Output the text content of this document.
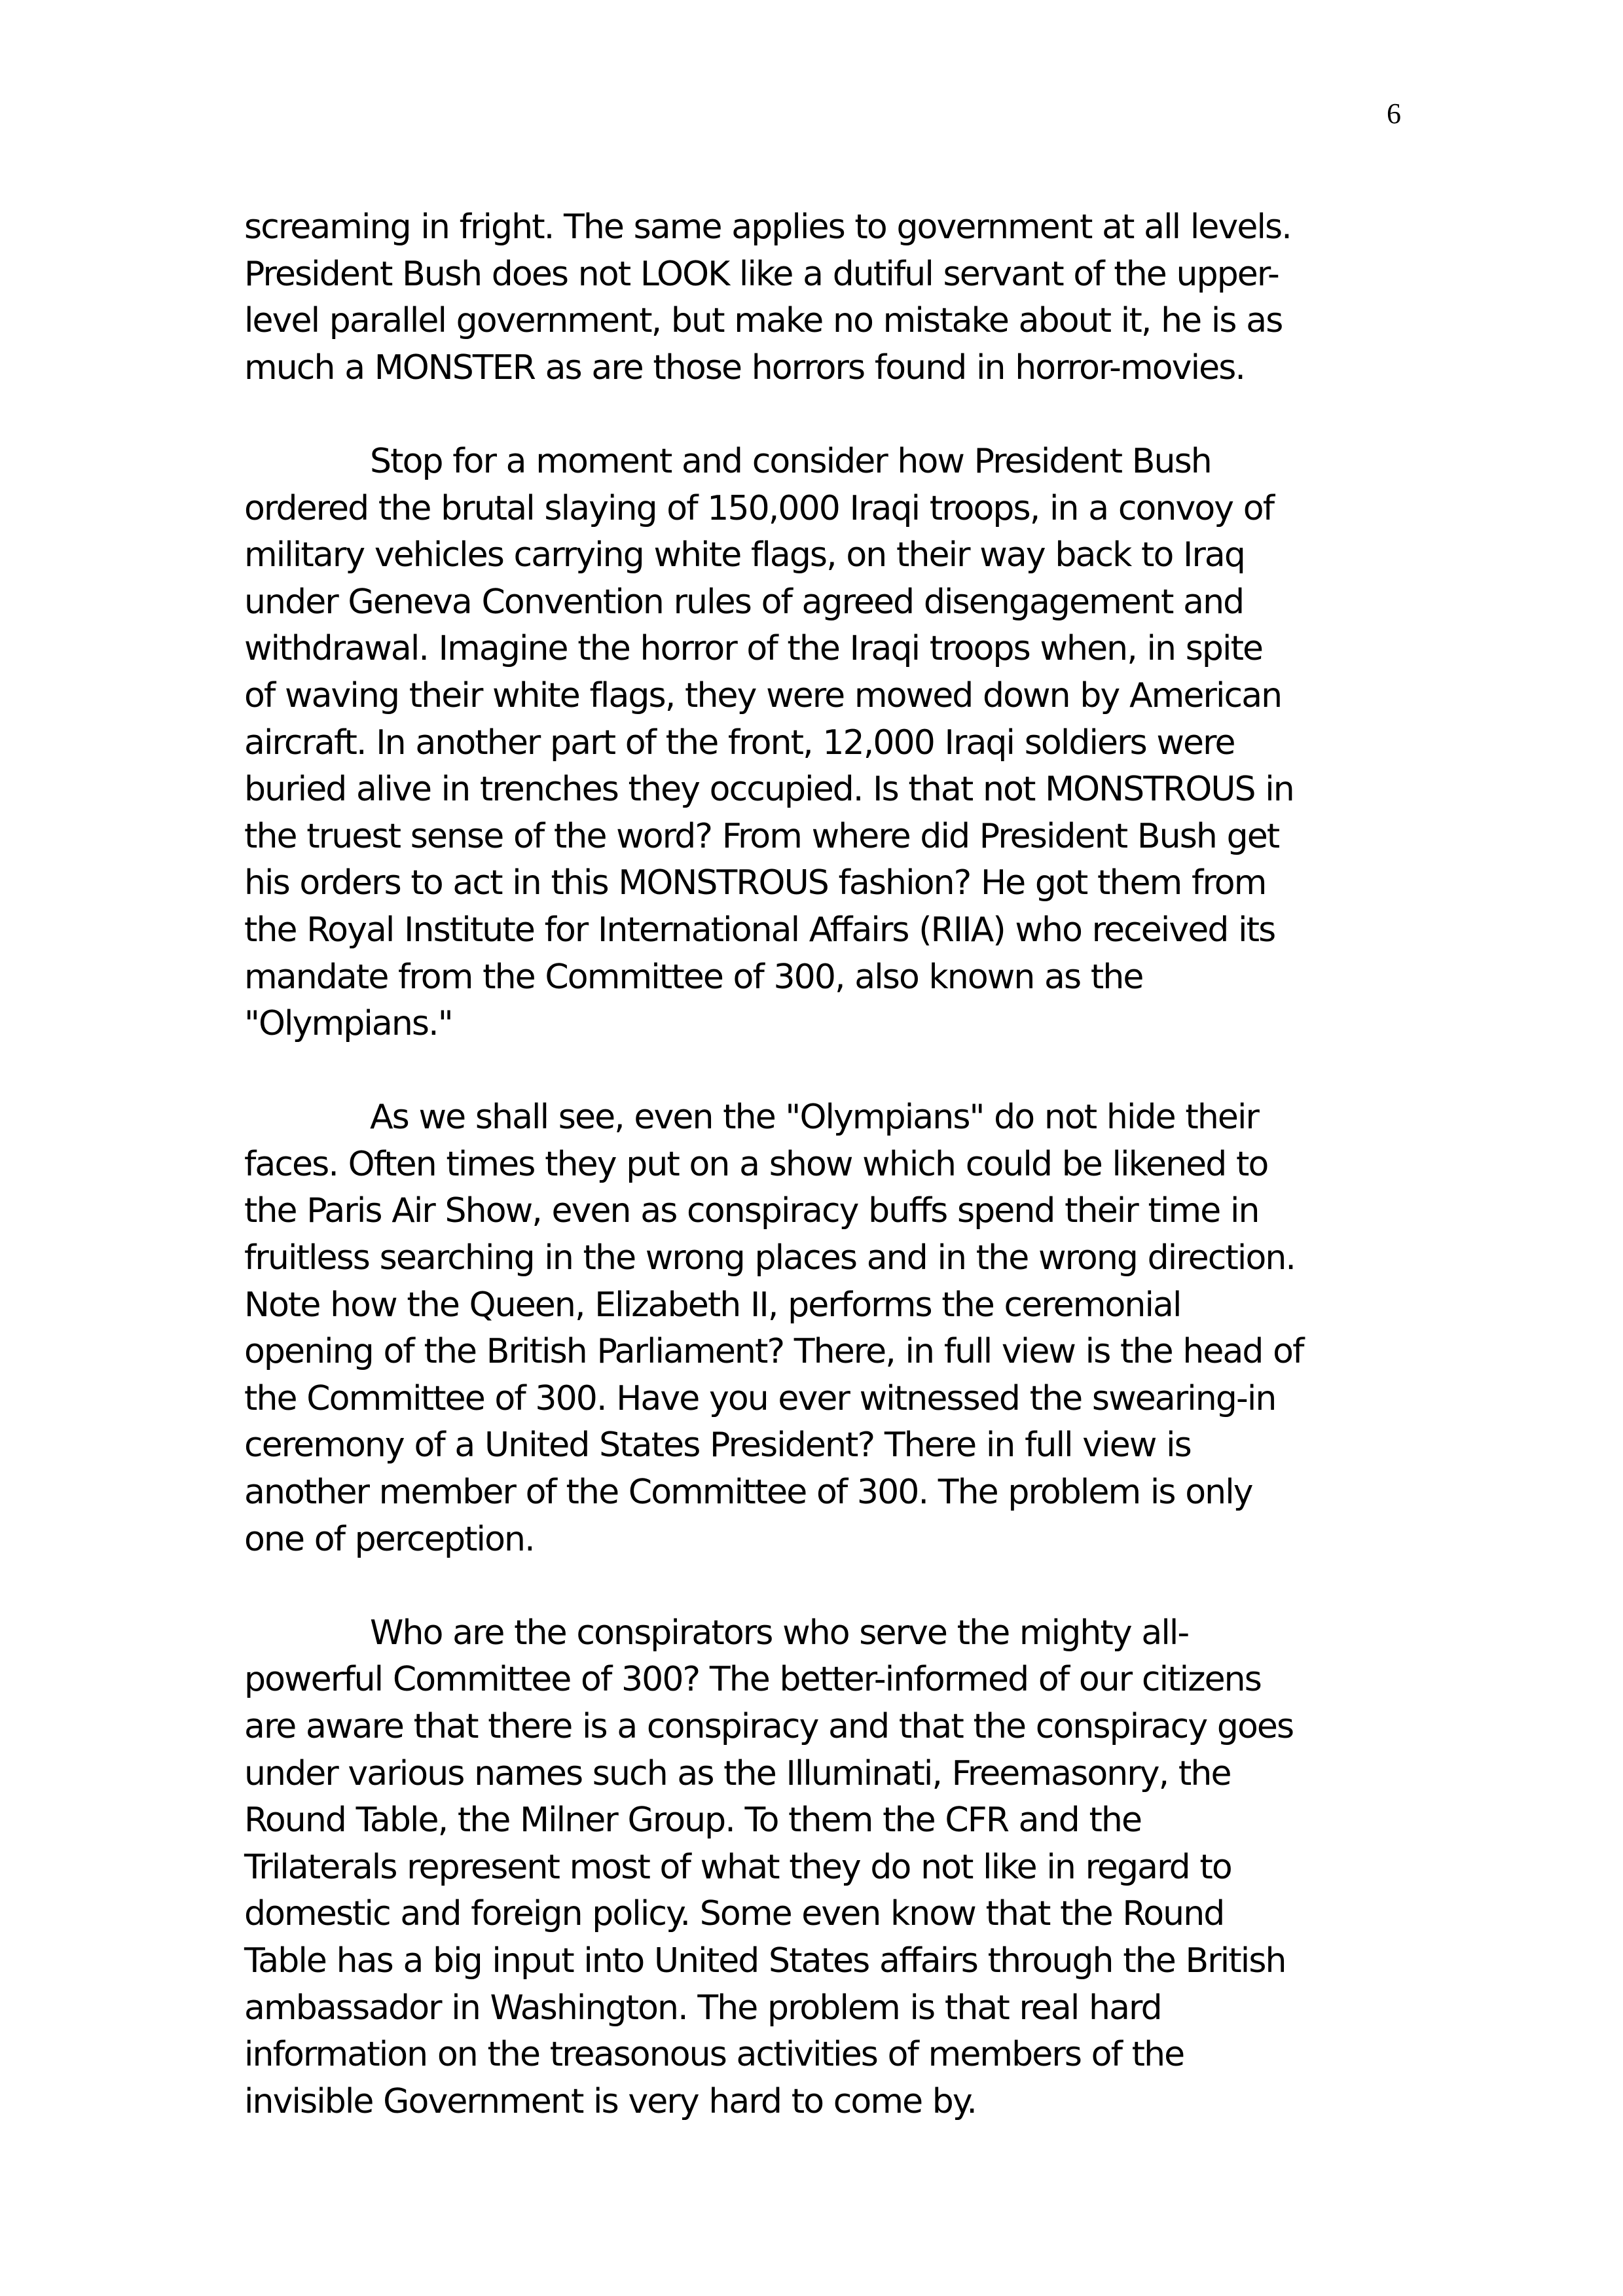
6

screaming in fright. The same applies to government at all levels.
President Bush does not LOOK like a dutiful servant of the upper-
level parallel government, but make no mistake about it, he is as
much a MONSTER as are those horrors found in horror-movies.

Stop for a moment and consider how President Bush
ordered the brutal slaying of 150,000 Iraqi troops, in a convoy of
military vehicles carrying white flags, on their way back to Iraq
under Geneva Convention rules of agreed disengagement and
withdrawal. Imagine the horror of the Iraqi troops when, in spite
of waving their white flags, they were mowed down by American
aircraft. In another part of the front, 12,000 Iraqi soldiers were
buried alive in trenches they occupied. Is that not MONSTROUS in
the truest sense of the word? From where did President Bush get
his orders to act in this MONSTROUS fashion? He got them from
the Royal Institute for International Affairs (RIIA) who received its
mandate from the Committee of 300, also known as the
"Olympians."

As we shall see, even the "Olympians" do not hide their
faces. Often times they put on a show which could be likened to
the Paris Air Show, even as conspiracy buffs spend their time in
fruitless searching in the wrong places and in the wrong direction.
Note how the Queen, Elizabeth II, performs the ceremonial
opening of the British Parliament? There, in full view is the head of
the Committee of 300. Have you ever witnessed the swearing-in
ceremony of a United States President? There in full view is
another member of the Committee of 300. The problem is only
one of perception.

Who are the conspirators who serve the mighty all-
powerful Committee of 300? The better-informed of our citizens
are aware that there is a conspiracy and that the conspiracy goes
under various names such as the Illuminati, Freemasonry, the
Round Table, the Milner Group. To them the CFR and the
Trilaterals represent most of what they do not like in regard to
domestic and foreign policy. Some even know that the Round
Table has a big input into United States affairs through the British
ambassador in Washington. The problem is that real hard
information on the treasonous activities of members of the
invisible Government is very hard to come by.
